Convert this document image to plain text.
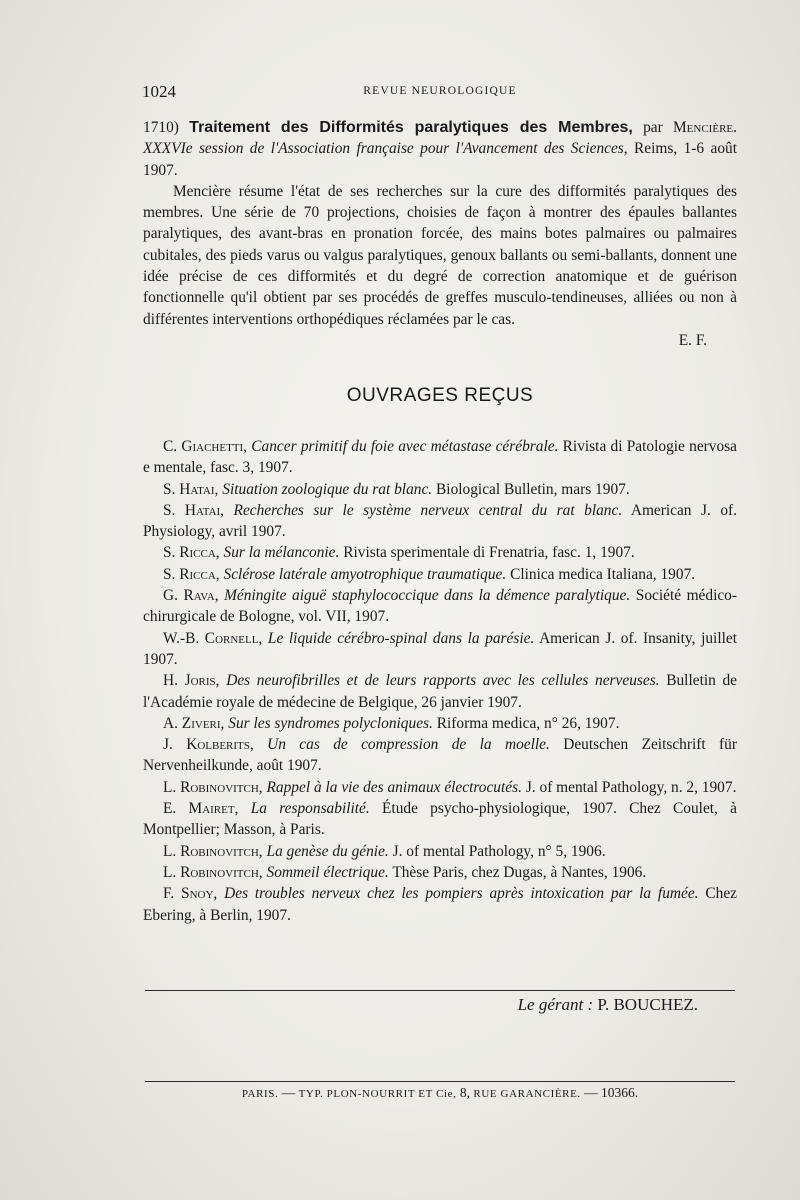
1024	REVUE NEUROLOGIQUE

1710) Traitement des Difformités paralytiques des Membres, par Mencière. XXXVIe session de l'Association française pour l'Avancement des Sciences, Reims, 1-6 août 1907.

Mencière résume l'état de ses recherches sur la cure des difformités paralytiques des membres. Une série de 70 projections, choisies de façon à montrer des épaules ballantes paralytiques, des avant-bras en pronation forcée, des mains botes palmaires ou palmaires cubitales, des pieds varus ou valgus paralytiques, genoux ballants ou semi-ballants, donnent une idée précise de ces difformités et du degré de correction anatomique et de guérison fonctionnelle qu'il obtient par ses procédés de greffes musculo-tendineuses, alliées ou non à différentes interventions orthopédiques réclamées par le cas.

E. F.
OUVRAGES REÇUS

C. Giachetti, Cancer primitif du foie avec métastase cérébrale. Rivista di Patologie nervosa e mentale, fasc. 3, 1907.

S. Hatai, Situation zoologique du rat blanc. Biological Bulletin, mars 1907.

S. Hatai, Recherches sur le système nerveux central du rat blanc. American J. of. Physiology, avril 1907.

S. Ricca, Sur la mélanconie. Rivista sperimentale di Frenatria, fasc. 1, 1907.

S. Ricca, Sclérose latérale amyotrophique traumatique. Clinica medica Italiana, 1907.

G. Rava, Méningite aiguë staphylococcique dans la démence paralytique. Société médico-chirurgicale de Bologne, vol. VII, 1907.

W.-B. Cornell, Le liquide cérébro-spinal dans la parésie. American J. of. Insanity, juillet 1907.

H. Joris, Des neurofibrilles et de leurs rapports avec les cellules nerveuses. Bulletin de l'Académie royale de médecine de Belgique, 26 janvier 1907.

A. Ziveri, Sur les syndromes polycloniques. Riforma medica, n° 26, 1907.

J. Kolberits, Un cas de compression de la moelle. Deutschen Zeitschrift für Nervenheilkunde, août 1907.

L. Robinovitch, Rappel à la vie des animaux électrocutés. J. of mental Pathology, n. 2, 1907.

E. Mairet, La responsabilité. Étude psycho-physiologique, 1907. Chez Coulet, à Montpellier; Masson, à Paris.

L. Robinovitch, La genèse du génie. J. of mental Pathology, n° 5, 1906.

L. Robinovitch, Sommeil électrique. Thèse Paris, chez Dugas, à Nantes, 1906.

F. Snoy, Des troubles nerveux chez les pompiers après intoxication par la fumée. Chez Ebering, à Berlin, 1907.

Le gérant : P. BOUCHEZ.
PARIS. — TYP. PLON-NOURRIT ET Cie, 8, RUE GARANCIÈRE. — 10366.
